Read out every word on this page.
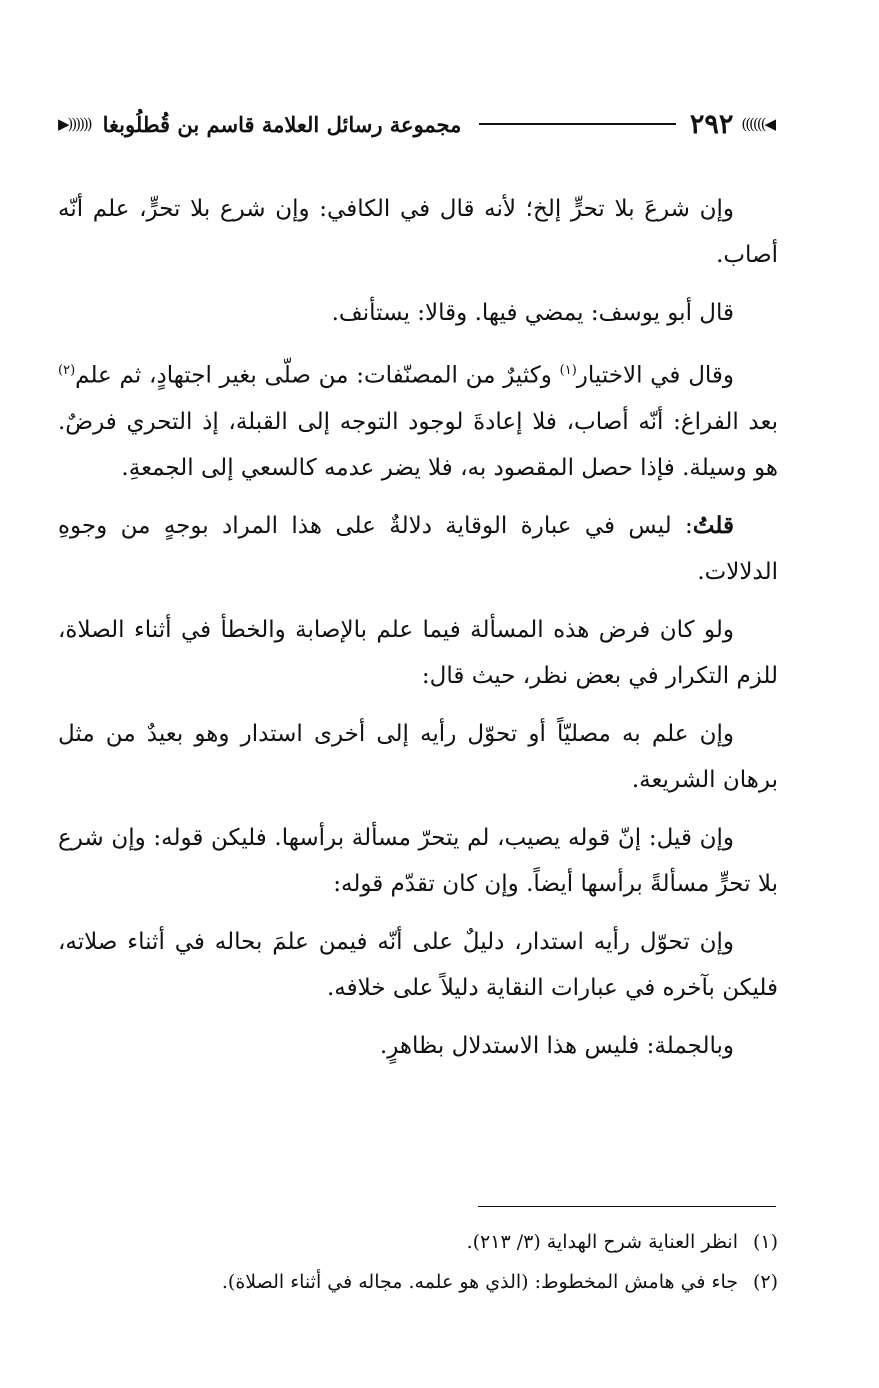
◀))))))
٢٩٢
مجموعة رسائل العلامة قاسم بن قُطلُوبغا
((((((▶

وإن شرعَ بلا تحرٍّ إلخ؛ لأنه قال في الكافي: وإن شرع بلا تحرٍّ، علم أنّه أصاب.

قال أبو يوسف: يمضي فيها. وقالا: يستأنف.

وقال في الاختيار$^{(١)}$ وكثيرٌ من المصنّفات: من صلّى بغير اجتهادٍ، ثم علم$^{(٢)}$ بعد الفراغ: أنّه أصاب، فلا إعادةَ لوجود التوجه إلى القبلة، إذ التحري فرضٌ. هو وسيلة. فإذا حصل المقصود به، فلا يضر عدمه كالسعي إلى الجمعةِ.

قلتُ: ليس في عبارة الوقاية دلالةٌ على هذا المراد بوجهٍ من وجوهِ الدلالات.

ولو كان فرض هذه المسألة فيما علم بالإصابة والخطأ في أثناء الصلاة، للزم التكرار في بعض نظر، حيث قال:

وإن علم به مصليّاً أو تحوّل رأيه إلى أخرى استدار وهو بعيدٌ من مثل برهان الشريعة.

وإن قيل: إنّ قوله يصيب، لم يتحرّ مسألة برأسها. فليكن قوله: وإن شرع بلا تحرٍّ مسألةً برأسها أيضاً. وإن كان تقدّم قوله:

وإن تحوّل رأيه استدار، دليلٌ على أنّه فيمن علمَ بحاله في أثناء صلاته، فليكن بآخره في عبارات النقاية دليلاً على خلافه.

وبالجملة: فليس هذا الاستدلال بظاهرٍ.

(١)انظر العناية شرح الهداية (٣/ ٢١٣).
(٢)جاء في هامش المخطوط: (الذي هو علمه. مجاله في أثناء الصلاة).
